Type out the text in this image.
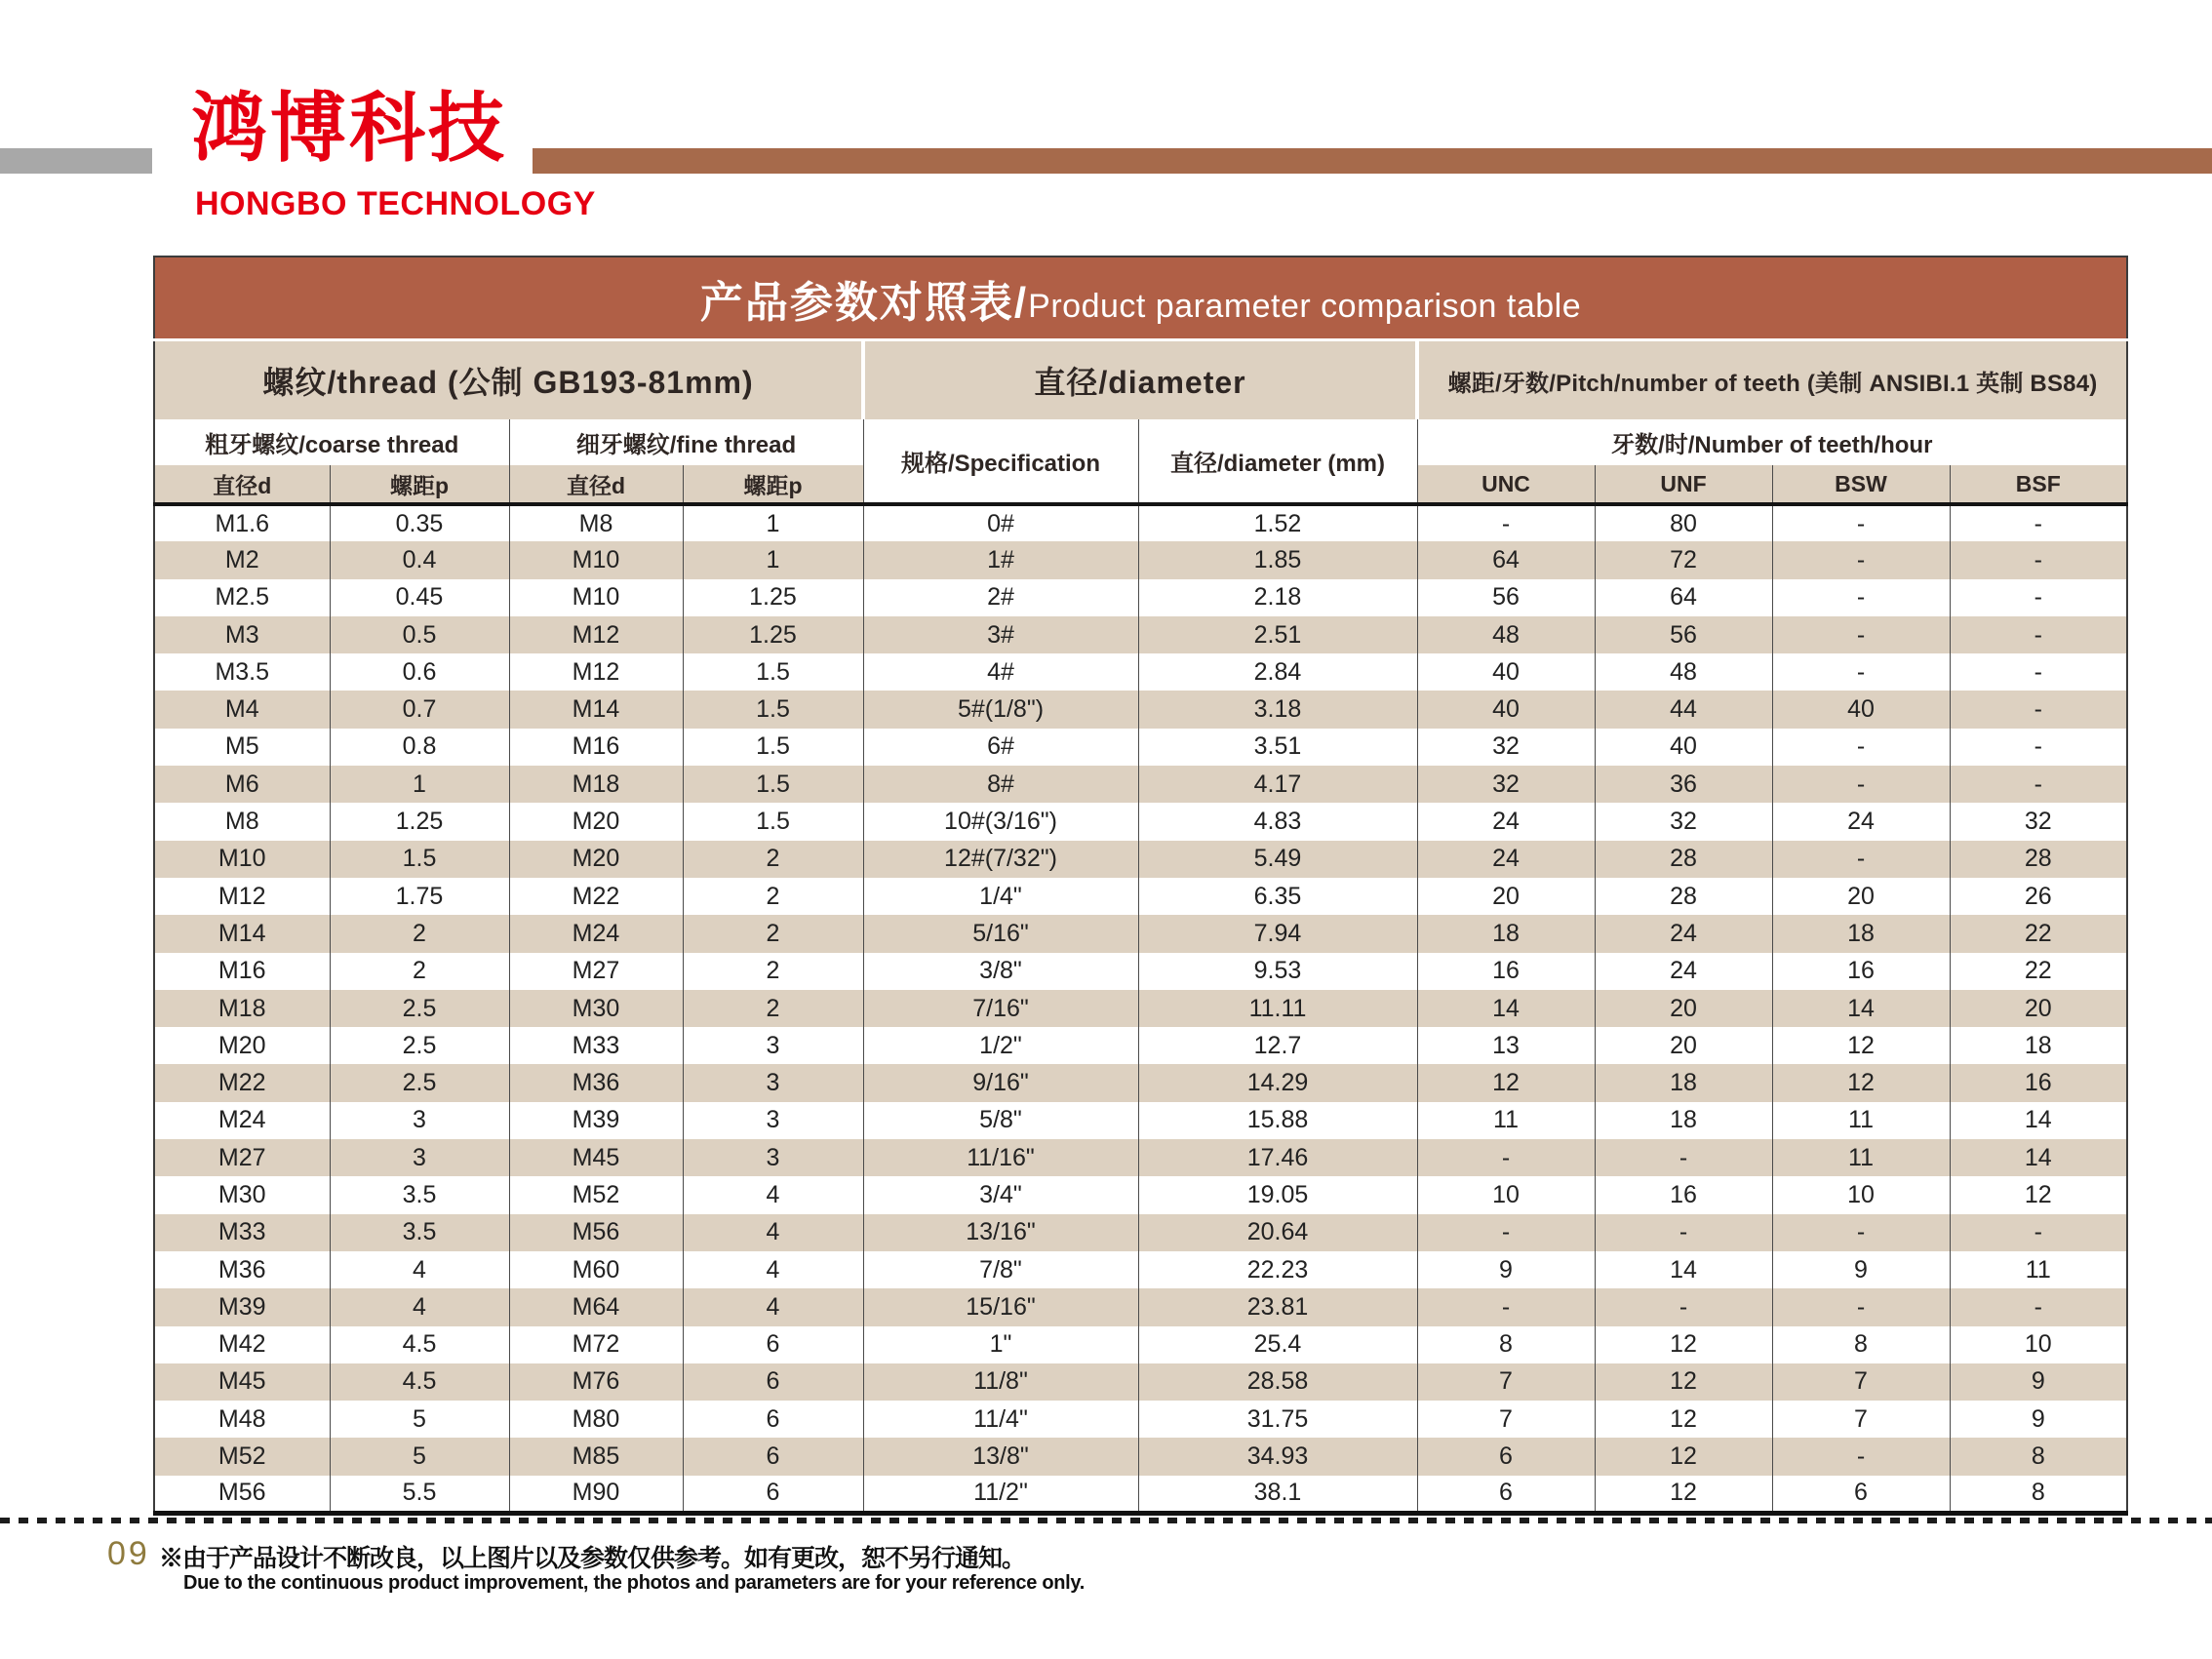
鸿博科技
HONGBO TECHNOLOGY
产品参数对照表/Product parameter comparison table									
螺纹/thread (公制 GB193-81mm)				直径/diameter		螺距/牙数/Pitch/number of teeth (美制 ANSIBI.1 英制 BS84)			
粗牙螺纹/coarse thread		细牙螺纹/fine thread		规格/Specification	直径/diameter (mm)	牙数/时/Number of teeth/hour			
直径d	螺距p	直径d	螺距p			UNC	UNF	BSW	BSF
M1.6	0.35	M8	1	0#	1.52	-	80	-	-
M2	0.4	M10	1	1#	1.85	64	72	-	-
M2.5	0.45	M10	1.25	2#	2.18	56	64	-	-
M3	0.5	M12	1.25	3#	2.51	48	56	-	-
M3.5	0.6	M12	1.5	4#	2.84	40	48	-	-
M4	0.7	M14	1.5	5#(1/8")	3.18	40	44	40	-
M5	0.8	M16	1.5	6#	3.51	32	40	-	-
M6	1	M18	1.5	8#	4.17	32	36	-	-
M8	1.25	M20	1.5	10#(3/16")	4.83	24	32	24	32
M10	1.5	M20	2	12#(7/32")	5.49	24	28	-	28
M12	1.75	M22	2	1/4"	6.35	20	28	20	26
M14	2	M24	2	5/16"	7.94	18	24	18	22
M16	2	M27	2	3/8"	9.53	16	24	16	22
M18	2.5	M30	2	7/16"	11.11	14	20	14	20
M20	2.5	M33	3	1/2"	12.7	13	20	12	18
M22	2.5	M36	3	9/16"	14.29	12	18	12	16
M24	3	M39	3	5/8"	15.88	11	18	11	14
M27	3	M45	3	11/16"	17.46	-	-	11	14
M30	3.5	M52	4	3/4"	19.05	10	16	10	12
M33	3.5	M56	4	13/16"	20.64	-	-	-	-
M36	4	M60	4	7/8"	22.23	9	14	9	11
M39	4	M64	4	15/16"	23.81	-	-	-	-
M42	4.5	M72	6	1"	25.4	8	12	8	10
M45	4.5	M76	6	11/8"	28.58	7	12	7	9
M48	5	M80	6	11/4"	31.75	7	12	7	9
M52	5	M85	6	13/8"	34.93	6	12	-	8
M56	5.5	M90	6	11/2"	38.1	6	12	6	8
09 ※由于产品设计不断改良，以上图片以及参数仅供参考。如有更改，恕不另行通知。
Due to the continuous product improvement, the photos and parameters are for your reference only.
